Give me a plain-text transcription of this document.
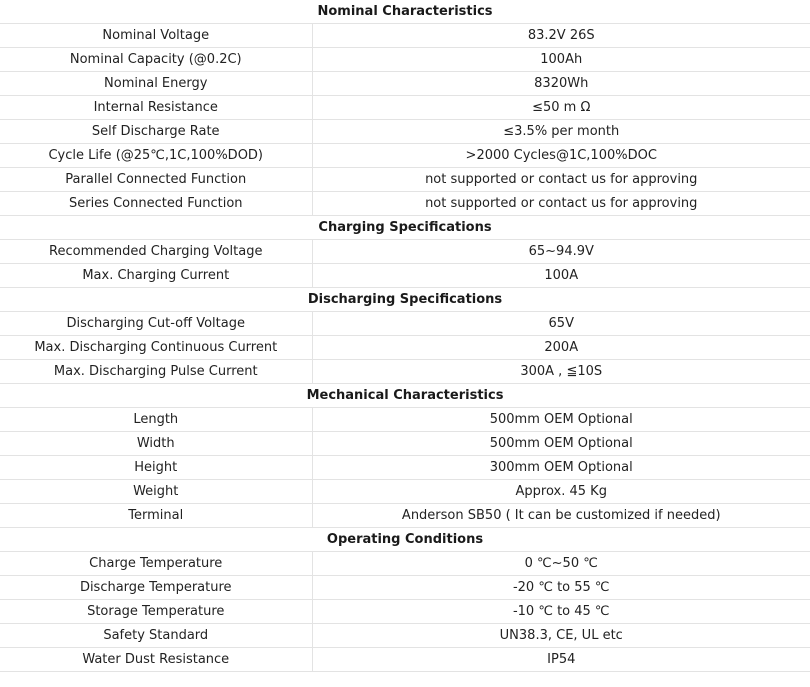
Nominal Characteristics	
Nominal Voltage	83.2V 26S
Nominal Capacity (@0.2C)	100Ah
Nominal Energy	8320Wh
Internal Resistance	≤50 m Ω
Self Discharge Rate	≤3.5% per month
Cycle Life (@25℃,1C,100%DOD)	>2000 Cycles@1C,100%DOC
Parallel Connected Function	not supported or contact us for approving
Series Connected Function	not supported or contact us for approving
Charging Specifications	
Recommended Charging Voltage	65~94.9V
Max. Charging Current	100A
Discharging Specifications	
Discharging Cut-off Voltage	65V
Max. Discharging Continuous Current	200A
Max. Discharging Pulse Current	300A , ≦10S
Mechanical Characteristics	
Length	500mm OEM Optional
Width	500mm OEM Optional
Height	300mm OEM Optional
Weight	Approx. 45 Kg
Terminal	Anderson SB50 ( It can be customized if needed)
Operating Conditions	
Charge Temperature	0 ℃~50 ℃
Discharge Temperature	-20 ℃ to 55 ℃
Storage Temperature	-10 ℃ to 45 ℃
Safety Standard	UN38.3, CE, UL etc
Water Dust Resistance	IP54
